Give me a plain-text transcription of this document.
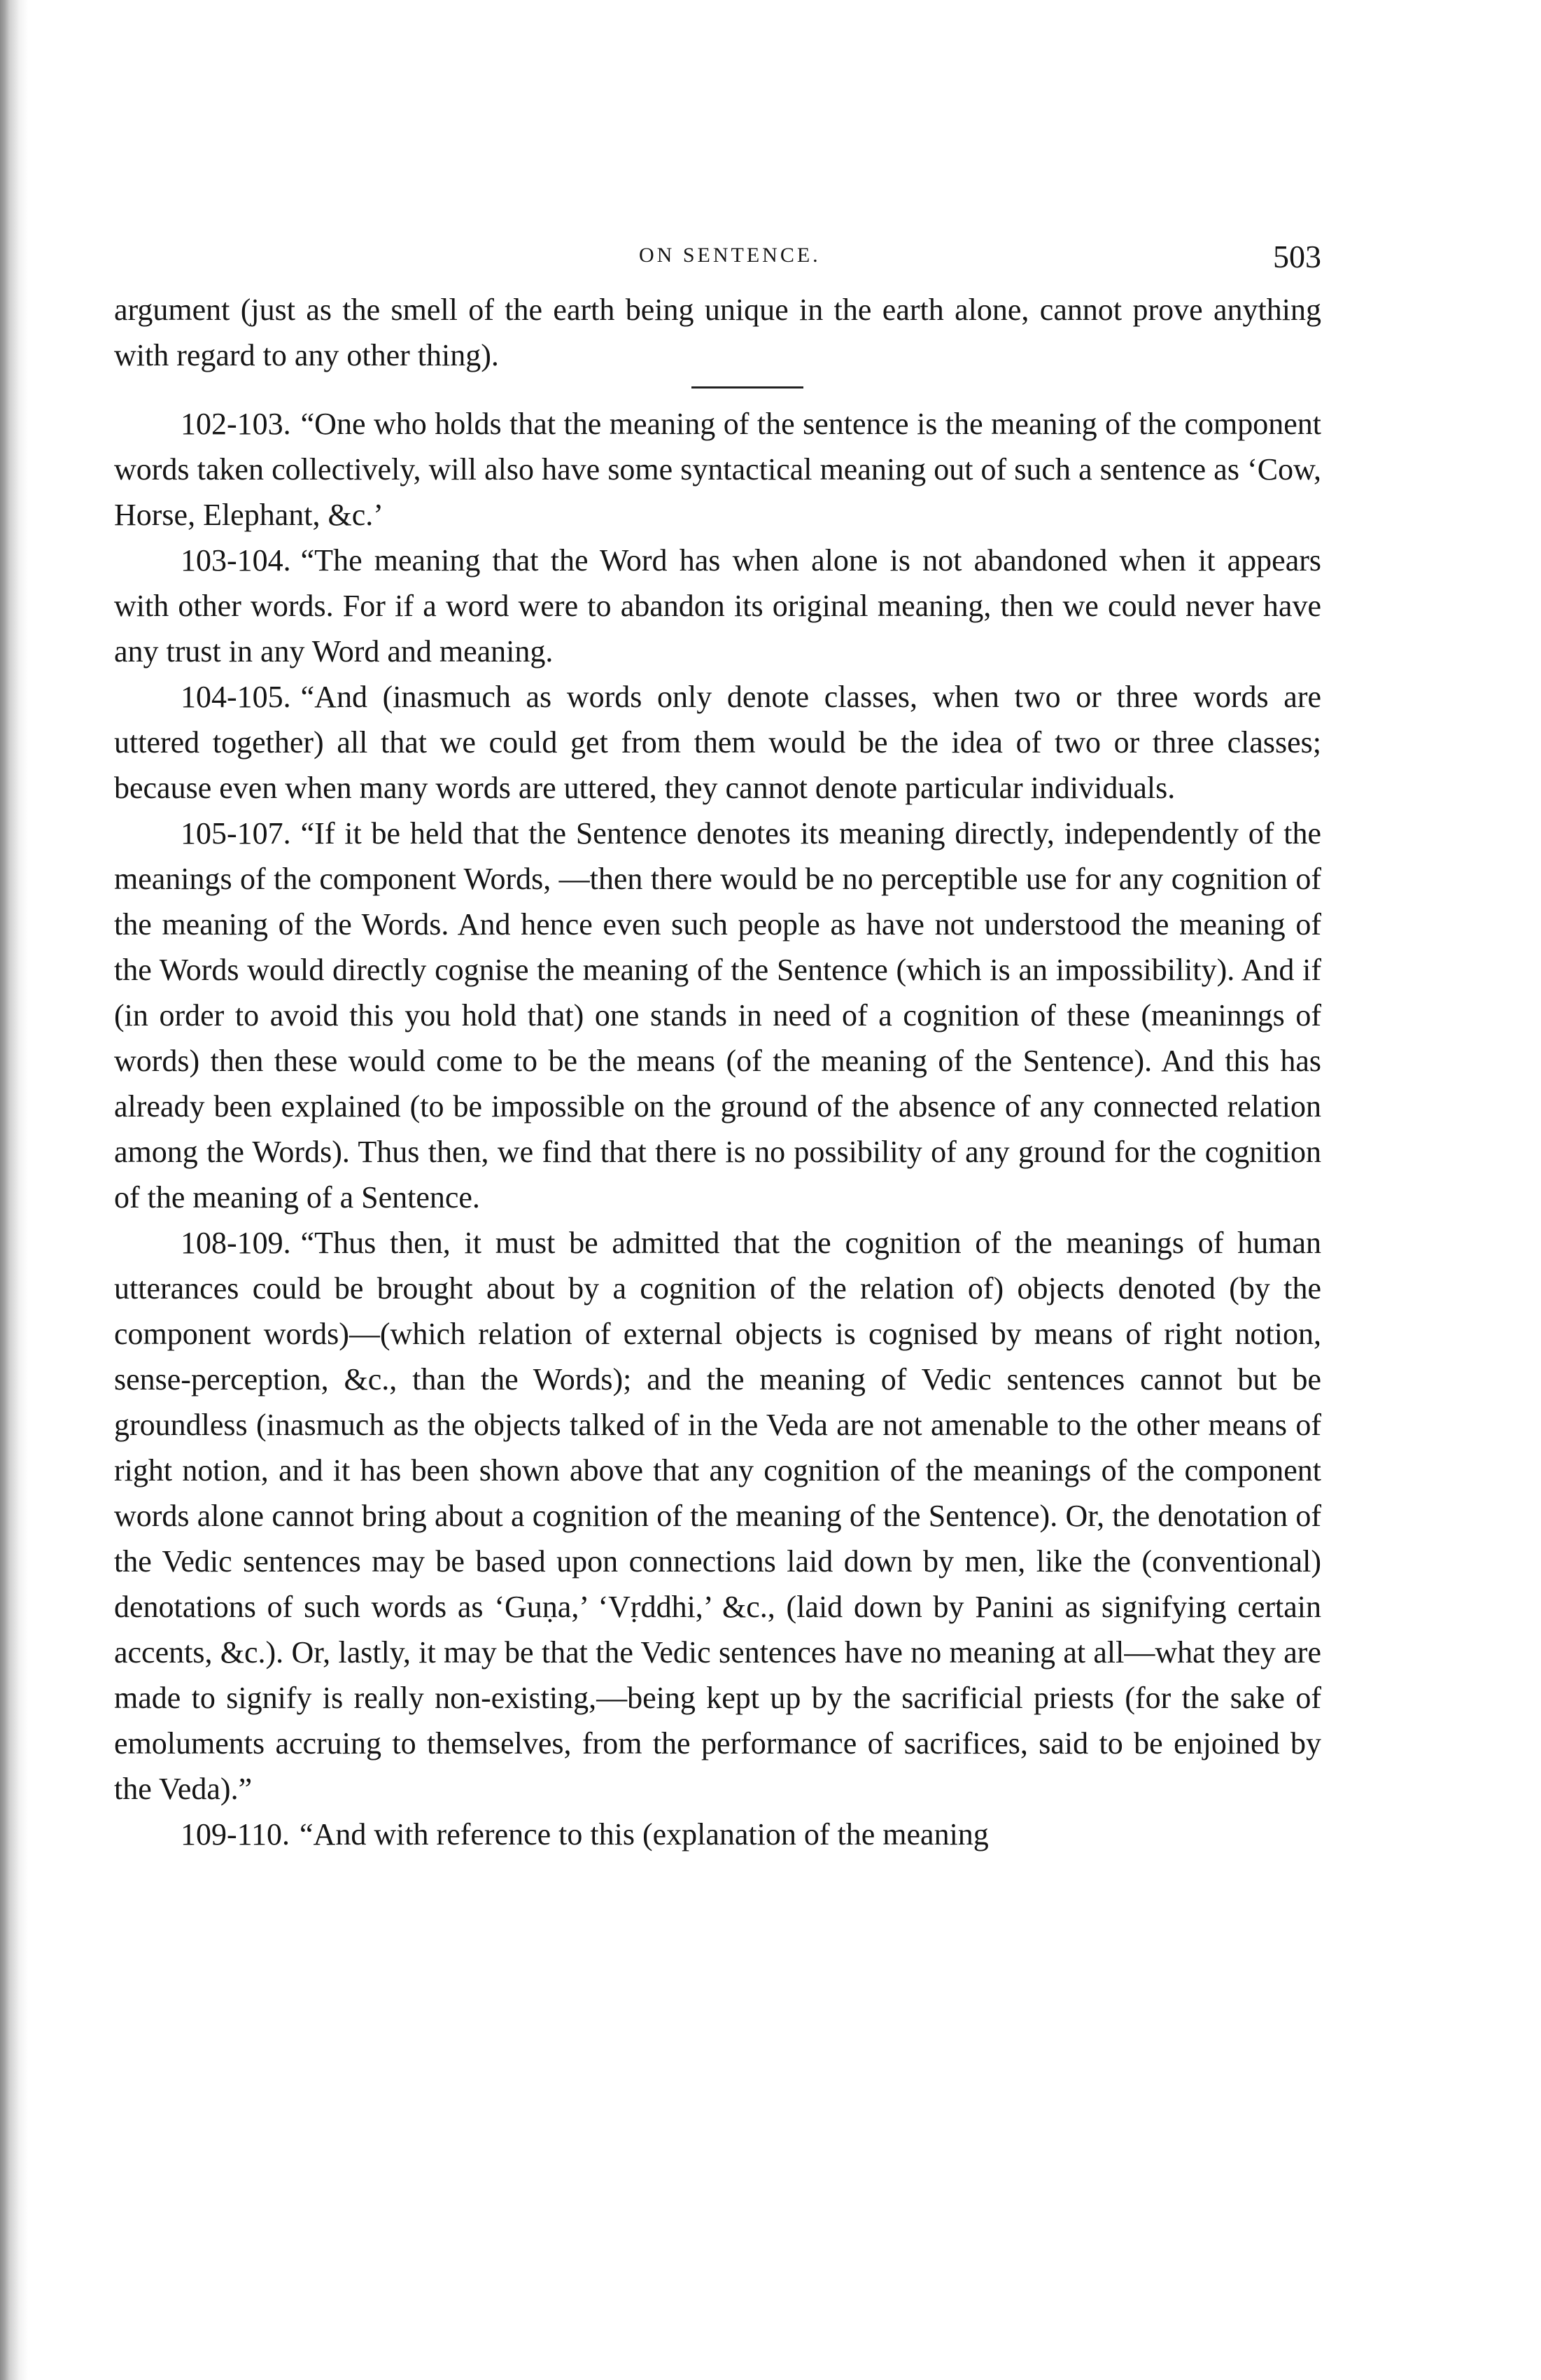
ON SENTENCE.	503

argument (just as the smell of the earth being unique in the earth alone, cannot prove anything with regard to any other thing).

102-103. “One who holds that the meaning of the sentence is the meaning of the component words taken collectively, will also have some syntactical meaning out of such a sentence as ‘Cow, Horse, Elephant, &c.’

103-104. “The meaning that the Word has when alone is not abandoned when it appears with other words. For if a word were to abandon its original meaning, then we could never have any trust in any Word and meaning.

104-105. “And (inasmuch as words only denote classes, when two or three words are uttered together) all that we could get from them would be the idea of two or three classes; because even when many words are uttered, they cannot denote particular individuals.

105-107. “If it be held that the Sentence denotes its meaning directly, independently of the meanings of the component Words, —then there would be no perceptible use for any cognition of the meaning of the Words. And hence even such people as have not understood the meaning of the Words would directly cognise the meaning of the Sentence (which is an impossibility). And if (in order to avoid this you hold that) one stands in need of a cognition of these (meaninngs of words) then these would come to be the means (of the meaning of the Sentence). And this has already been explained (to be impossible on the ground of the absence of any connected relation among the Words). Thus then, we find that there is no possibility of any ground for the cognition of the meaning of a Sentence.

108-109. “Thus then, it must be admitted that the cognition of the meanings of human utterances could be brought about by a cognition of the relation of) objects denoted (by the component words)—(which relation of external objects is cognised by means of right notion, sense-perception, &c., than the Words); and the meaning of Vedic sentences cannot but be groundless (inasmuch as the objects talked of in the Veda are not amenable to the other means of right notion, and it has been shown above that any cognition of the meanings of the component words alone cannot bring about a cognition of the meaning of the Sentence). Or, the denotation of the Vedic sentences may be based upon connections laid down by men, like the (conventional) denotations of such words as ‘Guṇa,’ ‘Vṛddhi,’ &c., (laid down by Panini as signifying certain accents, &c.). Or, lastly, it may be that the Vedic sentences have no meaning at all—what they are made to signify is really non-existing,—being kept up by the sacrificial priests (for the sake of emoluments accruing to themselves, from the performance of sacrifices, said to be enjoined by the Veda).”

109-110. “And with reference to this (explanation of the meaning
